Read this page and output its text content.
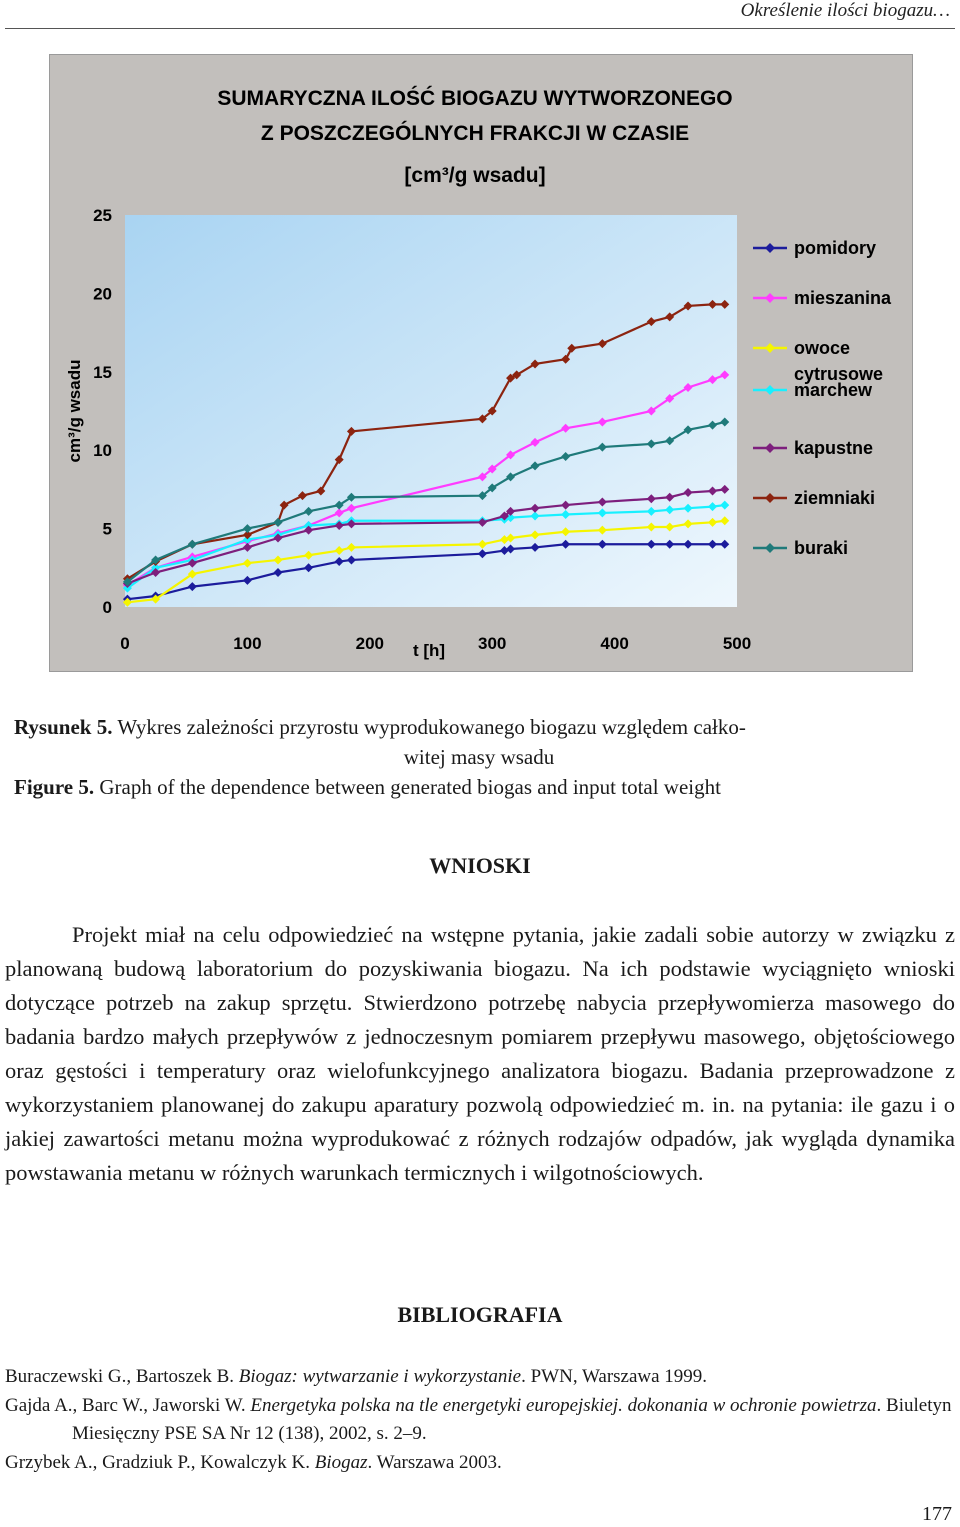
Określenie ilości biogazu…
SUMARYCZNA ILOŚĆ BIOGAZU WYTWORZONEGO
Z POSZCZEGÓLNYCH FRAKCJI W CZASIE
[cm³/g wsadu]
cm³/g wsadu
t [h]
0
5
10
15
20
25
0	100	200	300	400	500
pomidory
mieszanina
owoce cytrusowe
marchew
kapustne
ziemniaki
buraki
Rysunek 5. Wykres zależności przyrostu wyprodukowanego biogazu względem całko-
witej masy wsadu
Figure 5. Graph of the dependence between generated biogas and input total weight
WNIOSKI

Projekt miał na celu odpowiedzieć na wstępne pytania, jakie zadali sobie autorzy w związku z planowaną budową laboratorium do pozyskiwania biogazu. Na ich podstawie wyciągnięto wnioski dotyczące potrzeb na zakup sprzętu. Stwierdzono potrzebę nabycia przepływomierza masowego do badania bardzo małych przepływów z jednoczesnym pomiarem przepływu masowego, objętościowego oraz gęstości i temperatury oraz wielofunkcyjnego analizatora biogazu. Badania przeprowadzone z wykorzystaniem planowanej do zakupu aparatury pozwolą odpowiedzieć m. in. na pytania: ile gazu i o jakiej zawartości metanu można wyprodukować z różnych rodzajów odpadów, jak wygląda dynamika powstawania metanu w różnych warunkach termicznych i wilgotnościowych.

BIBLIOGRAFIA

Buraczewski G., Bartoszek B. Biogaz: wytwarzanie i wykorzystanie. PWN, Warszawa 1999.

Gajda A., Barc W., Jaworski W. Energetyka polska na tle energetyki europejskiej. dokonania w ochronie powietrza. Biuletyn Miesięczny PSE SA Nr 12 (138), 2002, s. 2–9.

Grzybek A., Gradziuk P., Kowalczyk K. Biogaz. Warszawa 2003.

177
